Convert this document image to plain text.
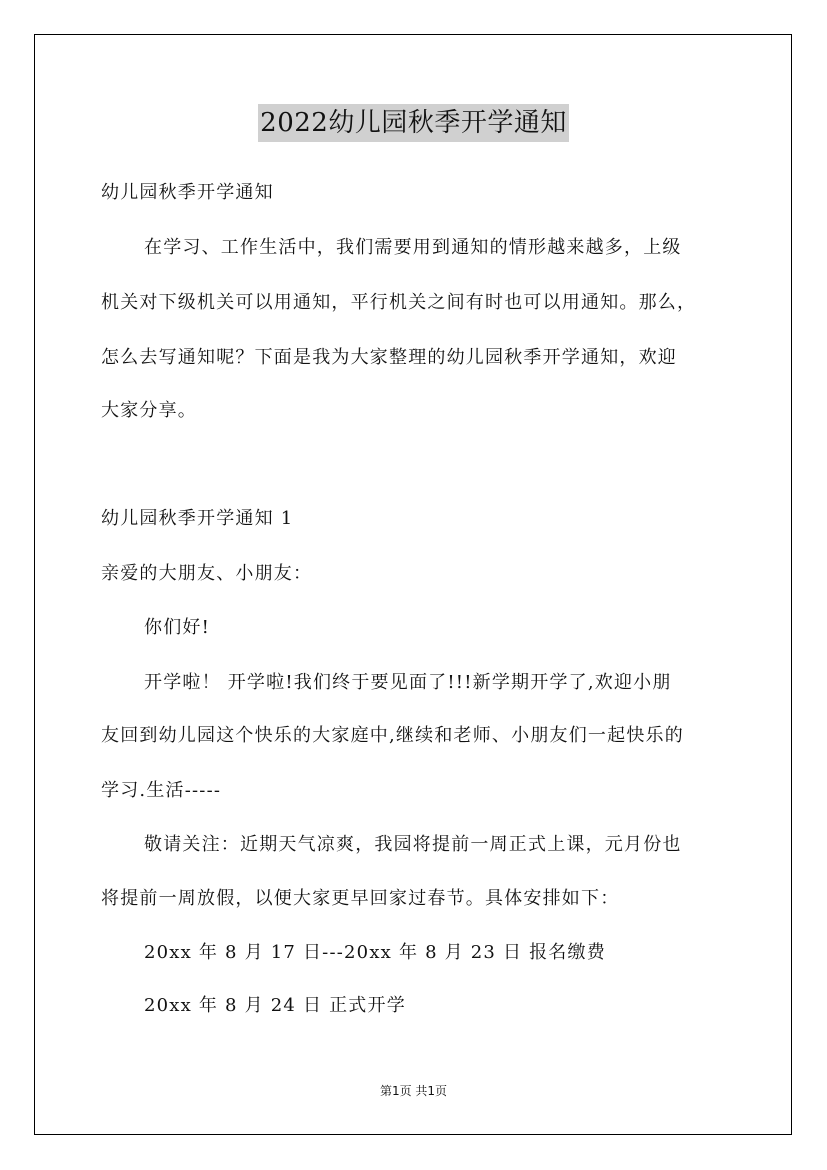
2022幼儿园秋季开学通知
幼儿园秋季开学通知
在学习、工作生活中，我们需要用到通知的情形越来越多，上级
机关对下级机关可以用通知，平行机关之间有时也可以用通知。那么，
怎么去写通知呢？下面是我为大家整理的幼儿园秋季开学通知，欢迎
大家分享。
幼儿园秋季开学通知 1
亲爱的大朋友、小朋友：
你们好!
开学啦！ 开学啦!我们终于要见面了!!!新学期开学了,欢迎小朋
友回到幼儿园这个快乐的大家庭中,继续和老师、小朋友们一起快乐的
学习.生活-----
敬请关注：近期天气凉爽，我园将提前一周正式上课，元月份也
将提前一周放假，以便大家更早回家过春节。具体安排如下：
20xx 年 8 月 17 日---20xx 年 8 月 23 日 报名缴费
20xx 年 8 月 24 日 正式开学
第1页 共1页
